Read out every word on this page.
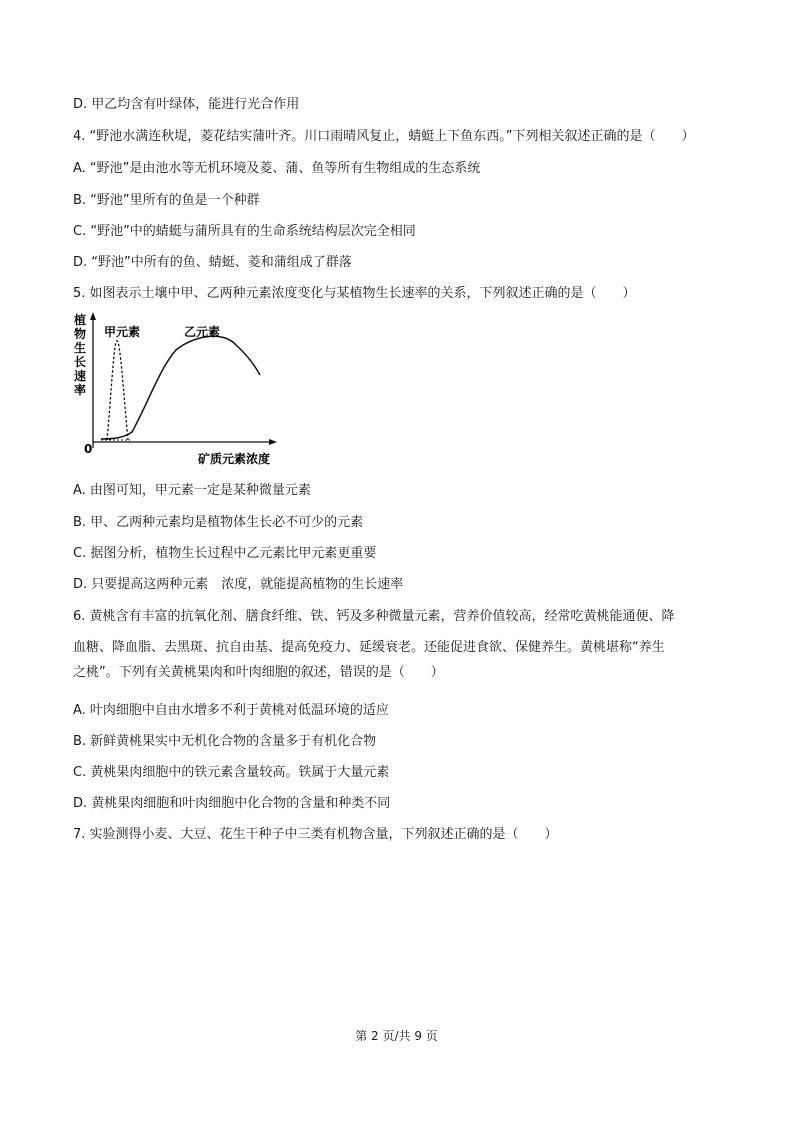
D. 甲乙均含有叶绿体，能进行光合作用
4. “野池水满连秋堤，菱花结实蒲叶齐。川口雨晴风复止，蜻蜓上下鱼东西。”下列相关叙述正确的是（　　）
A. “野池”是由池水等无机环境及菱、蒲、鱼等所有生物组成的生态系统
B. “野池”里所有的鱼是一个种群
C. “野池”中的蜻蜓与蒲所具有的生命系统结构层次完全相同
D. “野池”中所有的鱼、蜻蜓、菱和蒲组成了群落
5. 如图表示土壤中甲、乙两种元素浓度变化与某植物生长速率的关系，下列叙述正确的是（　　）
植物生长速率
0
矿质元素浓度
甲元素	乙元素
A. 由图可知，甲元素一定是某种微量元素
B. 甲、乙两种元素均是植物体生长必不可少的元素
C. 据图分析，植物生长过程中乙元素比甲元素更重要
D. 只要提高这两种元素　浓度，就能提高植物的生长速率
6. 黄桃含有丰富的抗氧化剂、膳食纤维、铁、钙及多种微量元素，营养价值较高，经常吃黄桃能通便、降
血糖、降血脂、去黑斑、抗自由基、提高免疫力、延缓衰老。还能促进食欲、保健养生。黄桃堪称“养生
之桃”。下列有关黄桃果肉和叶肉细胞的叙述，错误的是（　　）
A. 叶肉细胞中自由水增多不利于黄桃对低温环境的适应
B. 新鲜黄桃果实中无机化合物的含量多于有机化合物
C. 黄桃果肉细胞中的铁元素含量较高。铁属于大量元素
D. 黄桃果肉细胞和叶肉细胞中化合物的含量和种类不同
7. 实验测得小麦、大豆、花生干种子中三类有机物含量，下列叙述正确的是（　　）
第 2 页/共 9 页
